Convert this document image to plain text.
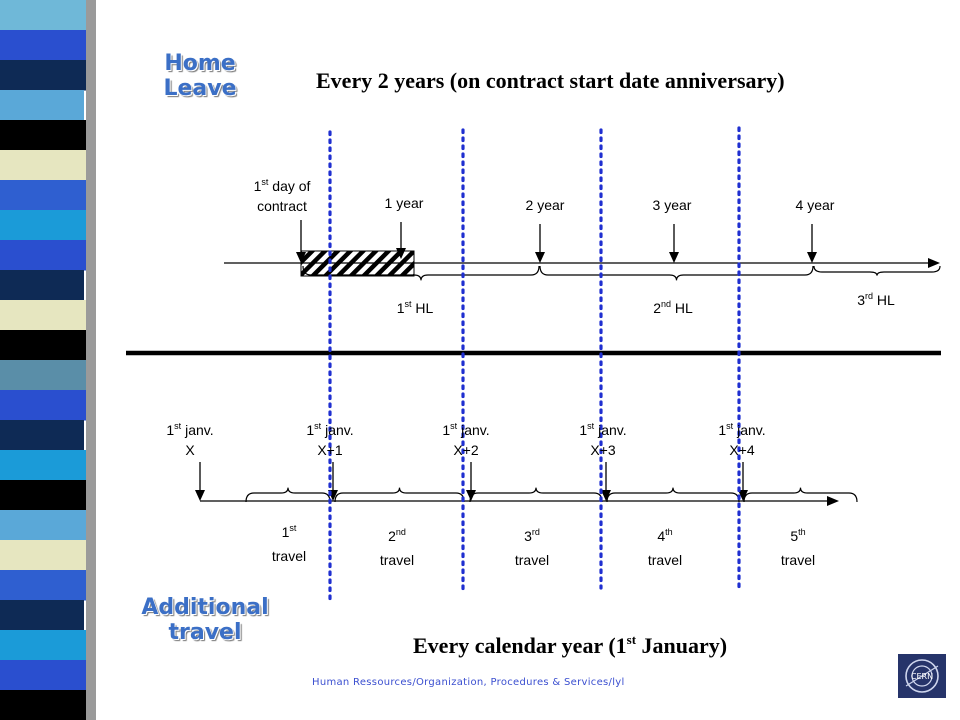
Home
Leave
Additional
travel
Every 2 years (on contract start date anniversary)
Every calendar year (1st January)
1st day of
contract	1 year	2 year	3 year	4 year
1st HL	2nd HL	3rd HL
1st janv.
X
1st janv.
X+1
1st janv.
X+2
1st janv.
X+3
1st janv.
X+4
1st
travel
2nd
travel
3rd
travel
4th
travel
5th
travel
Human Ressources/Organization, Procedures & Services/lyl
CERN
